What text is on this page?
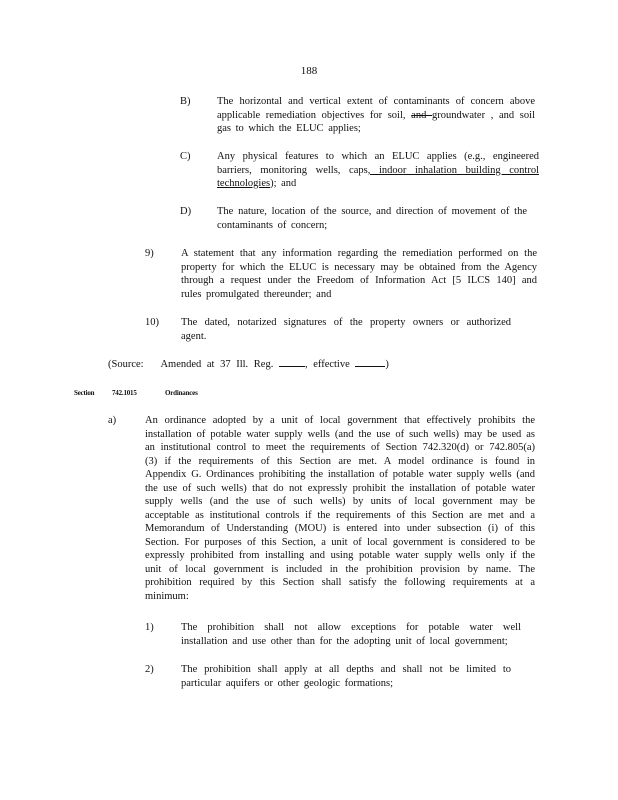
188
B)	The horizontal and vertical extent of contaminants of concern above applicable remediation objectives for soil, and groundwater , and soil gas to which the ELUC applies;
C)	Any physical features to which an ELUC applies (e.g., engineered barriers, monitoring wells, caps, indoor inhalation building control technologies); and
D) The nature, location of the source, and direction of movement of the contaminants of concern;
9)	A statement that any information regarding the remediation performed on the property for which the ELUC is necessary may be obtained from the Agency through a request under the Freedom of Information Act [5 ILCS 140] and rules promulgated thereunder; and
10) The dated, notarized signatures of the property owners or authorized agent.
(Source: Amended at 37 Ill. Reg.	, effective	)
Section	742.1015	Ordinances
a)	An ordinance adopted by a unit of local government that effectively prohibits the installation of potable water supply wells (and the use of such wells) may be used as an institutional control to meet the requirements of Section 742.320(d) or 742.805(a)(3) if the requirements of this Section are met. A model ordinance is found in Appendix G. Ordinances prohibiting the installation of potable water supply wells (and the use of such wells) that do not expressly prohibit the installation of potable water supply wells (and the use of such wells) by units of local government may be acceptable as institutional controls if the requirements of this Section are met and a Memorandum of Understanding (MOU) is entered into under subsection (i) of this Section. For purposes of this Section, a unit of local government is considered to be expressly prohibited from installing and using potable water supply wells only if the unit of local government is included in the prohibition provision by name. The prohibition required by this Section shall satisfy the following requirements at a minimum:
1)	The prohibition shall not allow exceptions for potable water well installation and use other than for the adopting unit of local government;
2)	The prohibition shall apply at all depths and shall not be limited to particular aquifers or other geologic formations;
